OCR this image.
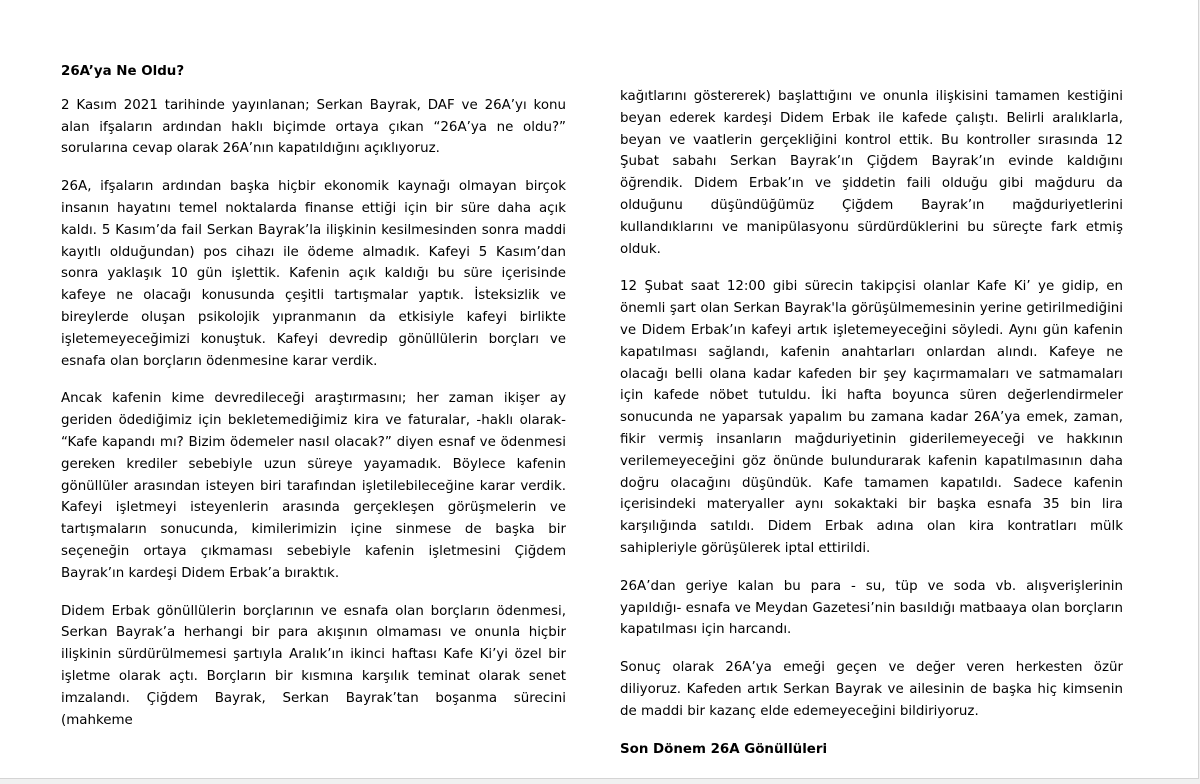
26A’ya Ne Oldu?

2 Kasım 2021 tarihinde yayınlanan; Serkan Bayrak, DAF ve 26A’yı konu alan ifşaların ardından haklı biçimde ortaya çıkan “26A’ya ne oldu?” sorularına cevap olarak 26A’nın kapatıldığını açıklıyoruz.

26A, ifşaların ardından başka hiçbir ekonomik kaynağı olmayan birçok insanın hayatını temel noktalarda finanse ettiği için bir süre daha açık kaldı. 5 Kasım’da fail Serkan Bayrak’la ilişkinin kesilmesinden sonra maddi kayıtlı olduğundan) pos cihazı ile ödeme almadık. Kafeyi 5 Kasım’dan sonra yaklaşık 10 gün işlettik. Kafenin açık kaldığı bu süre içerisinde kafeye ne olacağı konusunda çeşitli tartışmalar yaptık. İsteksizlik ve bireylerde oluşan psikolojik yıpranmanın da etkisiyle kafeyi birlikte işletemeyeceğimizi konuştuk. Kafeyi devredip gönüllülerin borçları ve esnafa olan borçların ödenmesine karar verdik.

Ancak kafenin kime devredileceği araştırmasını; her zaman ikişer ay geriden ödediğimiz için bekletemediğimiz kira ve faturalar, -haklı olarak- “Kafe kapandı mı? Bizim ödemeler nasıl olacak?” diyen esnaf ve ödenmesi gereken krediler sebebiyle uzun süreye yayamadık. Böylece kafenin gönüllüler arasından isteyen biri tarafından işletilebileceğine karar verdik. Kafeyi işletmeyi isteyenlerin arasında gerçekleşen görüşmelerin ve tartışmaların sonucunda, kimilerimizin içine sinmese de başka bir seçeneğin ortaya çıkmaması sebebiyle kafenin işletmesini Çiğdem Bayrak’ın kardeşi Didem Erbak’a bıraktık.

Didem Erbak gönüllülerin borçlarının ve esnafa olan borçların ödenmesi, Serkan Bayrak’a herhangi bir para akışının olmaması ve onunla hiçbir ilişkinin sürdürülmemesi şartıyla Aralık’ın ikinci haftası Kafe Ki’yi özel bir işletme olarak açtı. Borçların bir kısmına karşılık teminat olarak senet imzalandı. Çiğdem Bayrak, Serkan Bayrak’tan boşanma sürecini (mahkeme

kağıtlarını göstererek) başlattığını ve onunla ilişkisini tamamen kestiğini beyan ederek kardeşi Didem Erbak ile kafede çalıştı. Belirli aralıklarla, beyan ve vaatlerin gerçekliğini kontrol ettik. Bu kontroller sırasında 12 Şubat sabahı Serkan Bayrak’ın Çiğdem Bayrak’ın evinde kaldığını öğrendik. Didem Erbak’ın ve şiddetin faili olduğu gibi mağduru da olduğunu düşündüğümüz Çiğdem Bayrak’ın mağduriyetlerini kullandıklarını ve manipülasyonu sürdürdüklerini bu süreçte fark etmiş olduk.

12 Şubat saat 12:00 gibi sürecin takipçisi olanlar Kafe Ki’ ye gidip, en önemli şart olan Serkan Bayrak'la görüşülmemesinin yerine getirilmediğini ve Didem Erbak’ın kafeyi artık işletemeyeceğini söyledi. Aynı gün kafenin kapatılması sağlandı, kafenin anahtarları onlardan alındı. Kafeye ne olacağı belli olana kadar kafeden bir şey kaçırmamaları ve satmamaları için kafede nöbet tutuldu. İki hafta boyunca süren değerlendirmeler sonucunda ne yaparsak yapalım bu zamana kadar 26A’ya emek, zaman, fikir vermiş insanların mağduriyetinin giderilemeyeceği ve hakkının verilemeyeceğini göz önünde bulundurarak kafenin kapatılmasının daha doğru olacağını düşündük. Kafe tamamen kapatıldı. Sadece kafenin içerisindeki materyaller aynı sokaktaki bir başka esnafa 35 bin lira karşılığında satıldı. Didem Erbak adına olan kira kontratları mülk sahipleriyle görüşülerek iptal ettirildi.

26A’dan geriye kalan bu para - su, tüp ve soda vb. alışverişlerinin yapıldığı- esnafa ve Meydan Gazetesi’nin basıldığı matbaaya olan borçların kapatılması için harcandı.

Sonuç olarak 26A’ya emeği geçen ve değer veren herkesten özür diliyoruz. Kafeden artık Serkan Bayrak ve ailesinin de başka hiç kimsenin de maddi bir kazanç elde edemeyeceğini bildiriyoruz.

Son Dönem 26A Gönüllüleri
